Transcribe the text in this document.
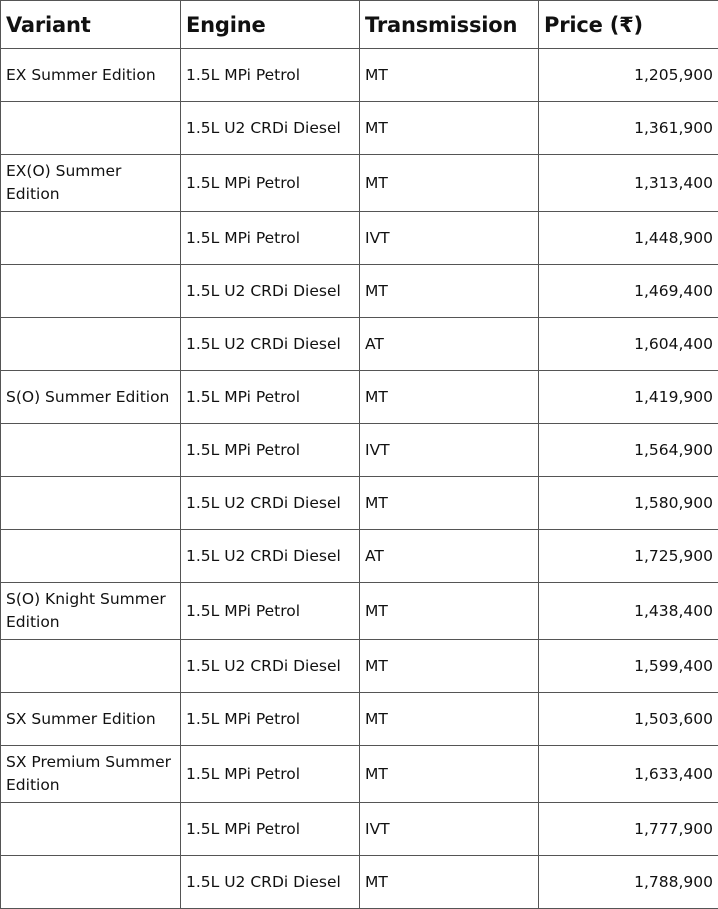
Variant	Engine	Transmission	Price (₹)
EX Summer Edition	1.5L MPi Petrol	MT	1,205,900
	1.5L U2 CRDi Diesel	MT	1,361,900
EX(O) Summer Edition	1.5L MPi Petrol	MT	1,313,400
	1.5L MPi Petrol	IVT	1,448,900
	1.5L U2 CRDi Diesel	MT	1,469,400
	1.5L U2 CRDi Diesel	AT	1,604,400
S(O) Summer Edition	1.5L MPi Petrol	MT	1,419,900
	1.5L MPi Petrol	IVT	1,564,900
	1.5L U2 CRDi Diesel	MT	1,580,900
	1.5L U2 CRDi Diesel	AT	1,725,900
S(O) Knight Summer Edition	1.5L MPi Petrol	MT	1,438,400
	1.5L U2 CRDi Diesel	MT	1,599,400
SX Summer Edition	1.5L MPi Petrol	MT	1,503,600
SX Premium Summer Edition	1.5L MPi Petrol	MT	1,633,400
	1.5L MPi Petrol	IVT	1,777,900
	1.5L U2 CRDi Diesel	MT	1,788,900
